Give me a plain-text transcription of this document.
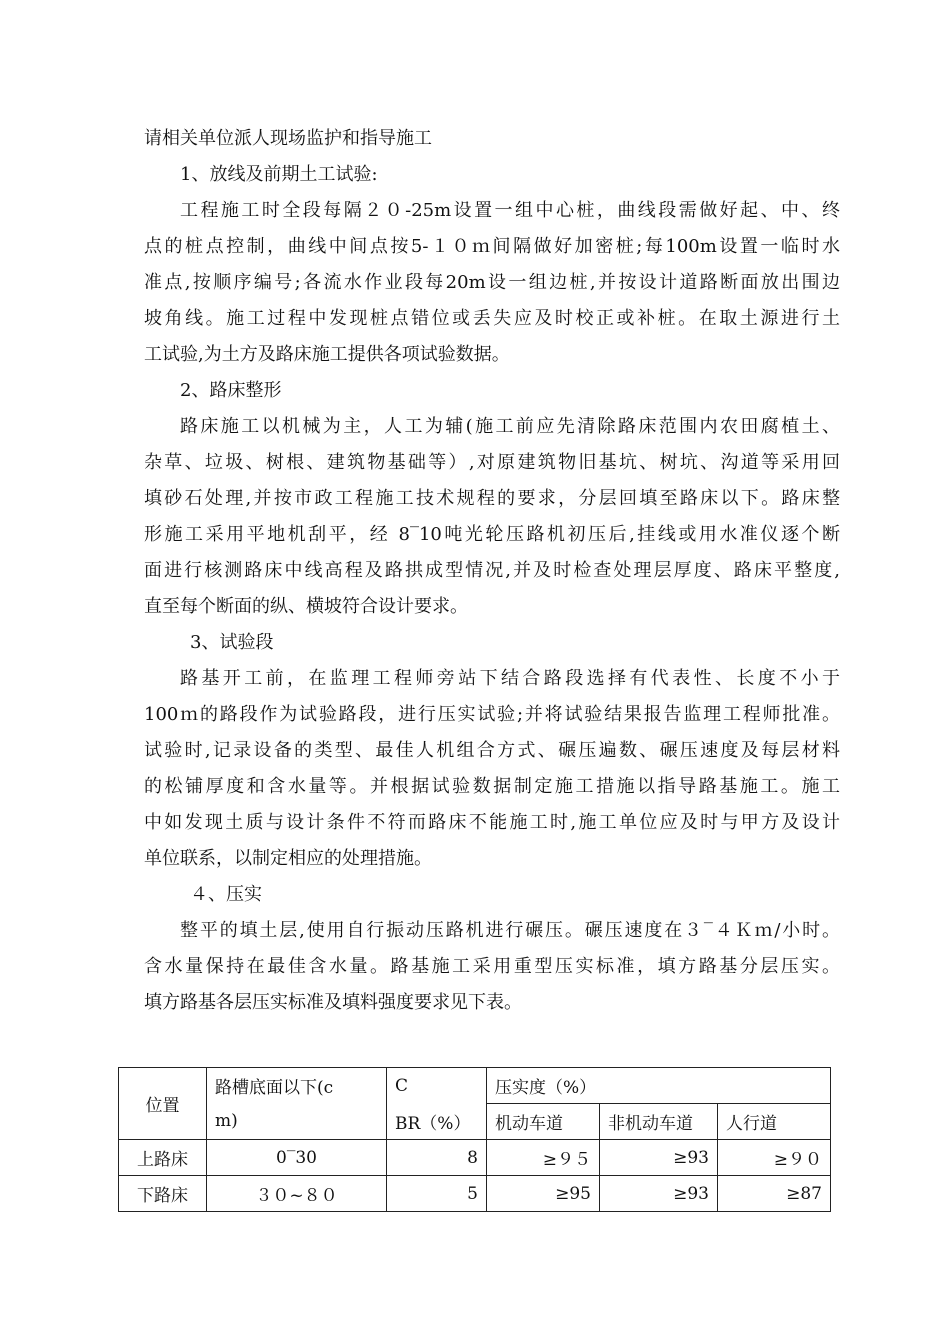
请相关单位派人现场监护和指导施工
1、放线及前期土工试验:
工程施工时全段每隔２０-25m设置一组中心桩，曲线段需做好起、中、终
点的桩点控制，曲线中间点按5-１０ｍ间隔做好加密桩;每100m设置一临时水
准点,按顺序编号;各流水作业段每20m设一组边桩,并按设计道路断面放出围边
坡角线。施工过程中发现桩点错位或丢失应及时校正或补桩。在取土源进行土
工试验,为土方及路床施工提供各项试验数据。
2、路床整形
路床施工以机械为主，人工为辅(施工前应先清除路床范围内农田腐植土、
杂草、垃圾、树根、建筑物基础等）,对原建筑物旧基坑、树坑、沟道等采用回
填砂石处理,并按市政工程施工技术规程的要求，分层回填至路床以下。路床整
形施工采用平地机刮平，经 8‾10吨光轮压路机初压后,挂线或用水准仪逐个断
面进行核测路床中线高程及路拱成型情况,并及时检查处理层厚度、路床平整度,
直至每个断面的纵、横坡符合设计要求。
3、试验段
路基开工前，在监理工程师旁站下结合路段选择有代表性、长度不小于
100ｍ的路段作为试验路段，进行压实试验;并将试验结果报告监理工程师批准。
试验时,记录设备的类型、最佳人机组合方式、碾压遍数、碾压速度及每层材料
的松铺厚度和含水量等。并根据试验数据制定施工措施以指导路基施工。施工
中如发现土质与设计条件不符而路床不能施工时,施工单位应及时与甲方及设计
单位联系，以制定相应的处理措施。
４、压实
整平的填土层,使用自行振动压路机进行碾压。碾压速度在３‾４Ｋｍ/小时。
含水量保持在最佳含水量。路基施工采用重型压实标准，填方路基分层压实。
填方路基各层压实标准及填料强度要求见下表。
位置	路槽底面以下(c	C	压实度（%）		
	m)	BR（%）	机动车道	非机动车道	人行道
上路床	0‾30	8	≥９５	≥93	≥９０
下路床	３０~８０	5	≥95	≥93	≥87
